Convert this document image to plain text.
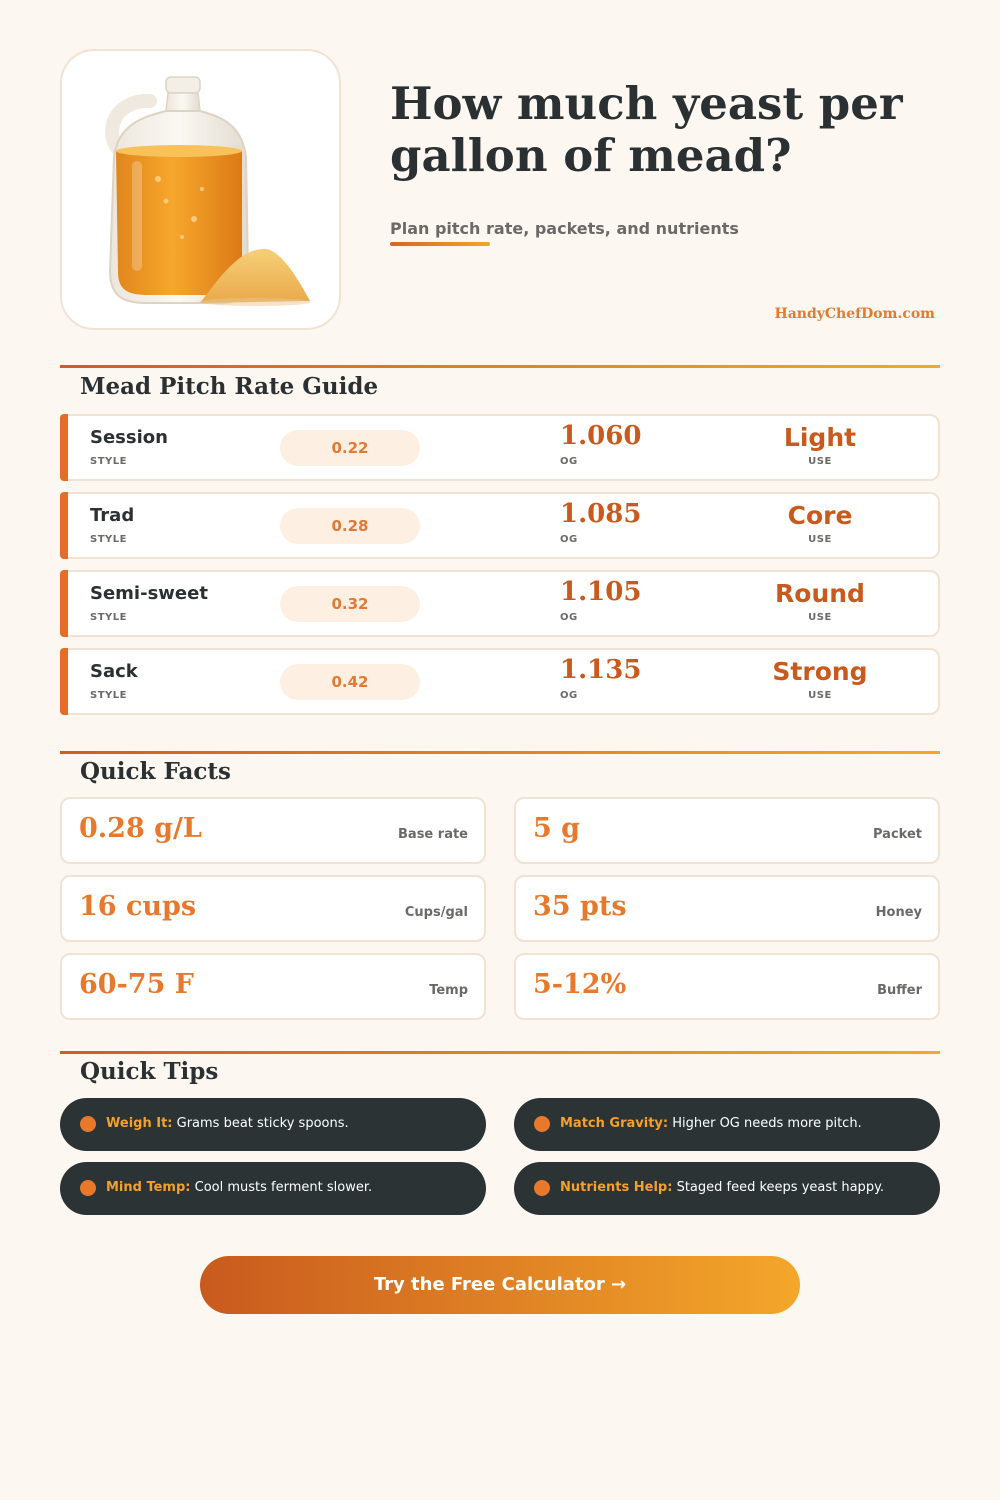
How much yeast per gallon of mead?
Plan pitch rate, packets, and nutrients
HandyChefDom.com
Mead Pitch Rate Guide
Session
STYLE
0.22	1.060
OG
Light
USE
Trad
STYLE
0.28	1.085
OG
Core
USE
Semi-sweet
STYLE
0.32	1.105
OG
Round
USE
Sack
STYLE
0.42	1.135
OG
Strong
USE
Quick Facts
0.28 g/L	Base rate 5 g	Packet
16 cups	Cups/gal 35 pts	Honey
60-75 F	Temp 5-12%	Buffer
Quick Tips
Weigh It: Grams beat sticky spoons.	Match Gravity: Higher OG needs more pitch.
Mind Temp: Cool musts ferment slower.	Nutrients Help: Staged feed keeps yeast happy.
Try the Free Calculator →
